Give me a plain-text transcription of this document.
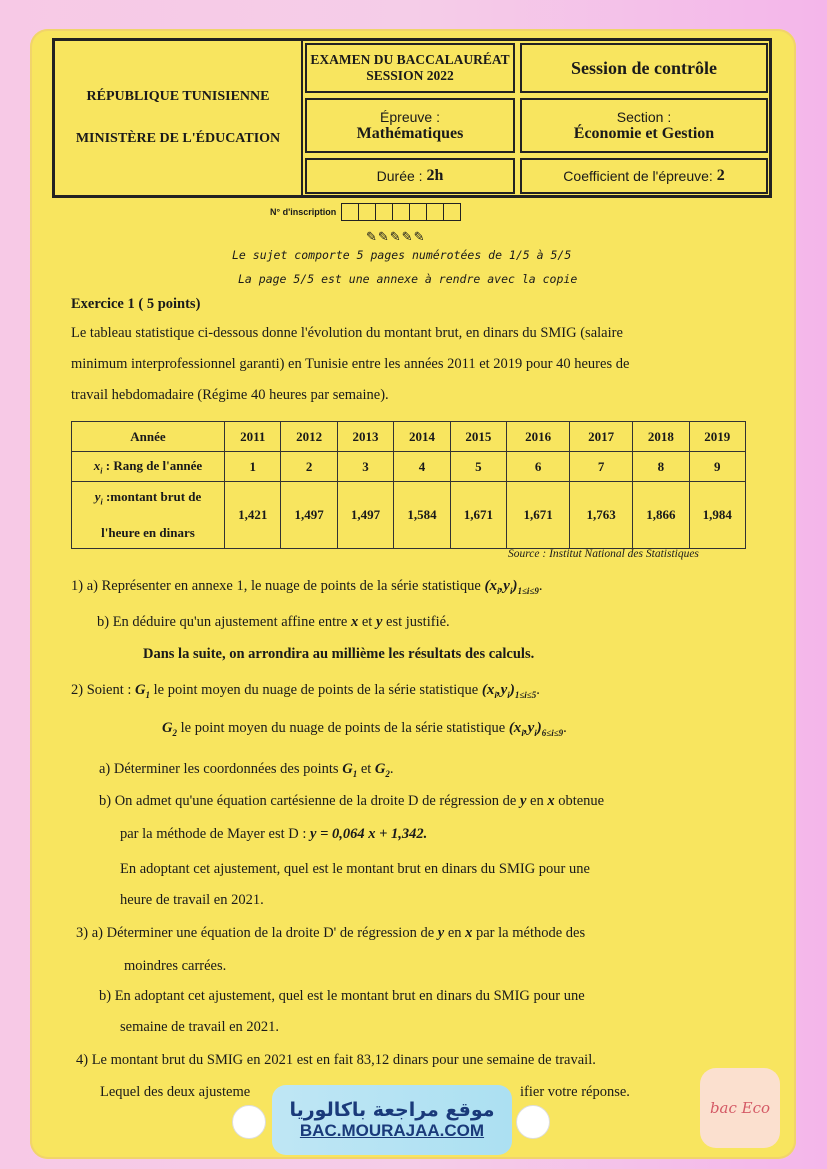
RÉPUBLIQUE TUNISIENNE
MINISTÈRE DE L'ÉDUCATION
EXAMEN DU BACCALAURÉAT
SESSION 2022	Session de contrôle
Épreuve :
Mathématiques
Section :
Économie et Gestion
Durée : 2h	Coefficient de l'épreuve: 2
N° d'inscription
✎✎✎✎✎

Le sujet comporte 5 pages numérotées de 1/5 à 5/5

La page 5/5 est une annexe à rendre avec la copie

Exercice 1 ( 5 points)

Le tableau statistique ci-dessous donne l'évolution du montant brut, en dinars du SMIG (salaire

minimum interprofessionnel garanti) en Tunisie entre les années 2011 et 2019 pour 40 heures de

travail hebdomadaire (Régime 40 heures par semaine).

Année	2011	2012	2013	2014	2015	2016	2017	2018	2019
$x_i$ : Rang de l'année	1	2	3	4	5	6	7	8	9
$y_i$ :montant brut de
l'heure en dinars	1,421	1,497	1,497	1,584	1,671	1,671	1,763	1,866	1,984

Source : Institut National des Statistiques

1) a) Représenter en annexe 1, le nuage de points de la série statistique $(x_i,y_i)_{1\le i\le 9}$.

b) En déduire qu'un ajustement affine entre x et y est justifié.

Dans la suite, on arrondira au millième les résultats des calculs.

2) Soient : $G_1$ le point moyen du nuage de points de la série statistique $(x_i,y_i)_{1\le i\le 5}$.

$G_2$ le point moyen du nuage de points de la série statistique $(x_i,y_i)_{6\le i\le 9}$.

a) Déterminer les coordonnées des points $G_1$ et $G_2$.

b) On admet qu'une équation cartésienne de la droite D de régression de y en x obtenue

par la méthode de Mayer est D : y = 0,064 x + 1,342.

En adoptant cet ajustement, quel est le montant brut en dinars du SMIG pour une

heure de travail en 2021.

3) a) Déterminer une équation de la droite D' de régression de y en x par la méthode des

moindres carrées.

b) En adoptant cet ajustement, quel est le montant brut en dinars du SMIG pour une

semaine de travail en 2021.

4) Le montant brut du SMIG en 2021 est en fait 83,12 dinars pour une semaine de travail.

Lequel des deux ajusteme	ifier votre réponse.

موقع مراجعة باكالوريا
BAC.MOURAJAA.COM
bac Eco
